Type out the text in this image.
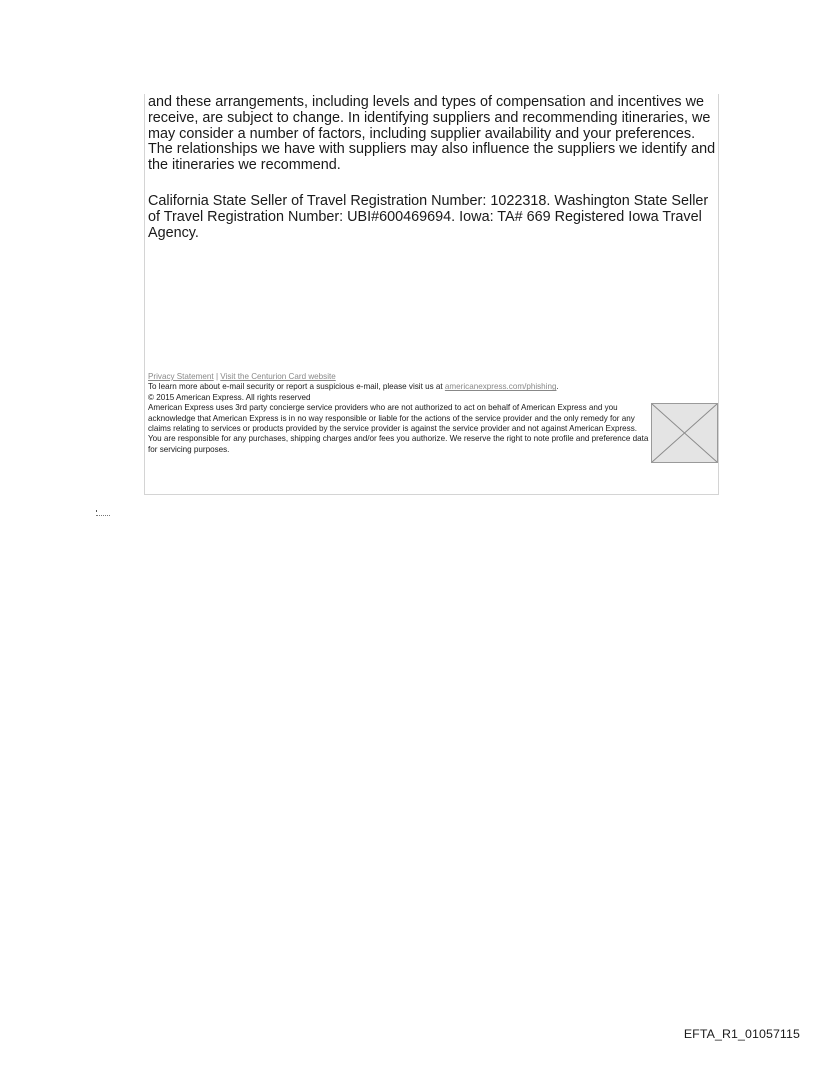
and these arrangements, including levels and types of compensation and incentives we receive, are subject to change. In identifying suppliers and recommending itineraries, we may consider a number of factors, including supplier availability and your preferences. The relationships we have with suppliers may also influence the suppliers we identify and the itineraries we recommend.

California State Seller of Travel Registration Number: 1022318. Washington State Seller of Travel Registration Number: UBI#600469694. Iowa: TA# 669 Registered Iowa Travel Agency.

Privacy Statement | Visit the Centurion Card website
To learn more about e-mail security or report a suspicious e-mail, please visit us at americanexpress.com/phishing.
© 2015 American Express. All rights reserved
American Express uses 3rd party concierge service providers who are not authorized to act on behalf of American Express and you acknowledge that American Express is in no way responsible or liable for the actions of the service provider and the only remedy for any claims relating to services or products provided by the service provider is against the service provider and not against American Express. You are responsible for any purchases, shipping charges and/or fees you authorize. We reserve the right to note profile and preference data for servicing purposes.
EFTA_R1_01057115
